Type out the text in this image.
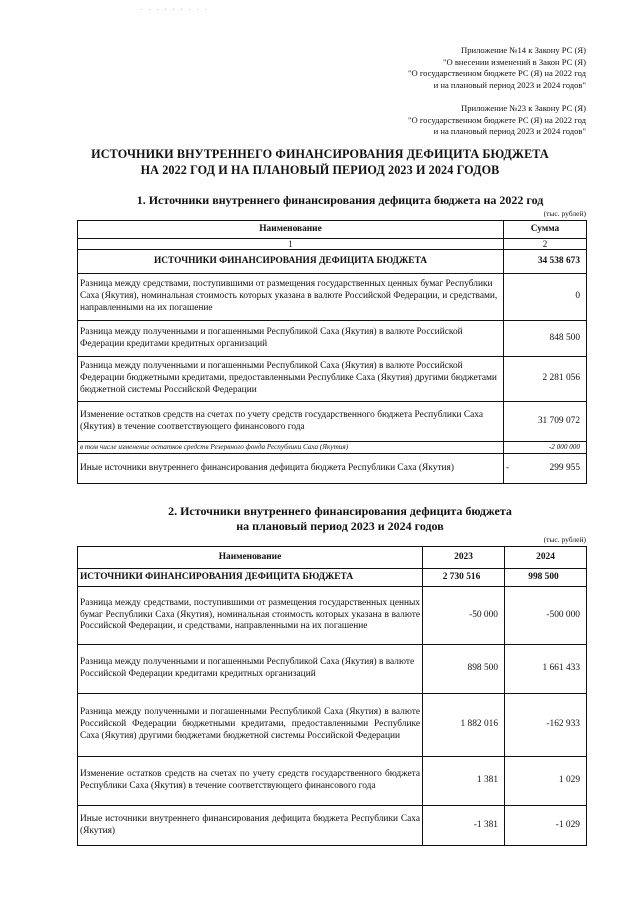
· · · · · · · · ·
Приложение №14 к Закону РС (Я)
"О внесении изменений в Закон РС (Я)
"О государственном бюджете РС (Я) на 2022 год
и на плановый период 2023 и 2024 годов"
Приложение №23 к Закону РС (Я)
"О государственном бюджете РС (Я) на 2022 год
и на плановый период 2023 и 2024 годов"
ИСТОЧНИКИ ВНУТРЕННЕГО ФИНАНСИРОВАНИЯ ДЕФИЦИТА БЮДЖЕТА
НА 2022 ГОД И НА ПЛАНОВЫЙ ПЕРИОД 2023 И 2024 ГОДОВ
1. Источники внутреннего финансирования дефицита бюджета на 2022 год
(тыс. рублей)
Наименование	Сумма
1	2
ИСТОЧНИКИ ФИНАНСИРОВАНИЯ ДЕФИЦИТА БЮДЖЕТА	34 538 673
Разница между средствами, поступившими от размещения государственных ценных бумаг Республики Саха (Якутия), номинальная стоимость которых указана в валюте Российской Федерации, и средствами, направленными на их погашение	0
Разница между полученными и погашенными Республикой Саха (Якутия) в валюте Российской Федерации кредитами кредитных организаций	848 500
Разница между полученными и погашенными Республикой Саха (Якутия) в валюте Российской Федерации бюджетными кредитами, предоставленными Республике Саха (Якутия) другими бюджетами бюджетной системы Российской Федерации	2 281 056
Изменение остатков средств на счетах по учету средств государственного бюджета Республики Саха (Якутия) в течение соответствующего финансового года	31 709 072
в том числе изменение остатков средств Резервного фонда Республики Саха (Якутия)	-2 000 000
Иные источники внутреннего финансирования дефицита бюджета Республики Саха (Якутия)	- 299 955
2. Источники внутреннего финансирования дефицита бюджета
на плановый период 2023 и 2024 годов
(тыс. рублей)
Наименование	2023	2024
ИСТОЧНИКИ ФИНАНСИРОВАНИЯ ДЕФИЦИТА БЮДЖЕТА	2 730 516	998 500
Разница между средствами, поступившими от размещения государственных ценных бумаг Республики Саха (Якутия), номинальная стоимость которых указана в валюте Российской Федерации, и средствами, направленными на их погашение	-50 000	-500 000
Разница между полученными и погашенными Республикой Саха (Якутия) в валюте Российской Федерации кредитами кредитных организаций	898 500	1 661 433
Разница между полученными и погашенными Республикой Саха (Якутия) в валюте Российской Федерации бюджетными кредитами, предоставленными Республике Саха (Якутия) другими бюджетами бюджетной системы Российской Федерации	1 882 016	-162 933
Изменение остатков средств на счетах по учету средств государственного бюджета Республики Саха (Якутия) в течение соответствующего финансового года	1 381	1 029
Иные источники внутреннего финансирования дефицита бюджета Республики Саха (Якутия)	-1 381	-1 029
